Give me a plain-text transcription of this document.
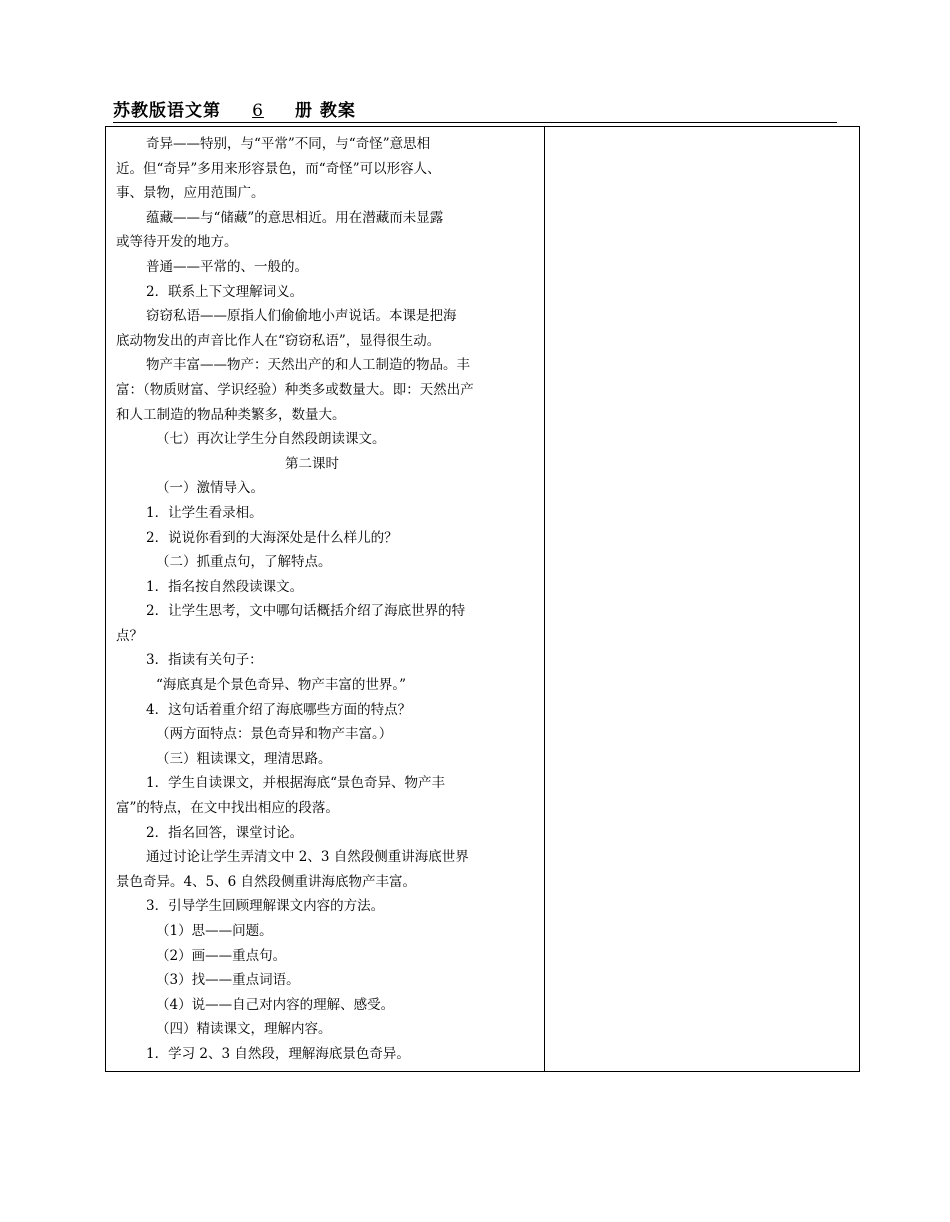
苏教版语文第 6 册 教案

奇异——特别，与“平常”不同，与“奇怪”意思相

近。但“奇异”多用来形容景色，而“奇怪”可以形容人、

事、景物，应用范围广。

蕴藏——与“储藏”的意思相近。用在潜藏而未显露

或等待开发的地方。

普通——平常的、一般的。

2．联系上下文理解词义。

窃窃私语——原指人们偷偷地小声说话。本课是把海

底动物发出的声音比作人在“窃窃私语”，显得很生动。

物产丰富——物产：天然出产的和人工制造的物品。丰

富：（物质财富、学识经验）种类多或数量大。即：天然出产

和人工制造的物品种类繁多，数量大。

（七）再次让学生分自然段朗读课文。

第二课时

（一）激情导入。

1．让学生看录相。

2．说说你看到的大海深处是什么样儿的？

（二）抓重点句，了解特点。

1．指名按自然段读课文。

2．让学生思考，文中哪句话概括介绍了海底世界的特

点？

3．指读有关句子：

“海底真是个景色奇异、物产丰富的世界。”

4．这句话着重介绍了海底哪些方面的特点？

（两方面特点：景色奇异和物产丰富。）

（三）粗读课文，理清思路。

1．学生自读课文，并根据海底“景色奇异、物产丰

富”的特点，在文中找出相应的段落。

2．指名回答，课堂讨论。

通过讨论让学生弄清文中 2、3 自然段侧重讲海底世界

景色奇异。4、5、6 自然段侧重讲海底物产丰富。

3．引导学生回顾理解课文内容的方法。

（1）思——问题。

（2）画——重点句。

（3）找——重点词语。

（4）说——自己对内容的理解、感受。

（四）精读课文，理解内容。

1．学习 2、3 自然段，理解海底景色奇异。
